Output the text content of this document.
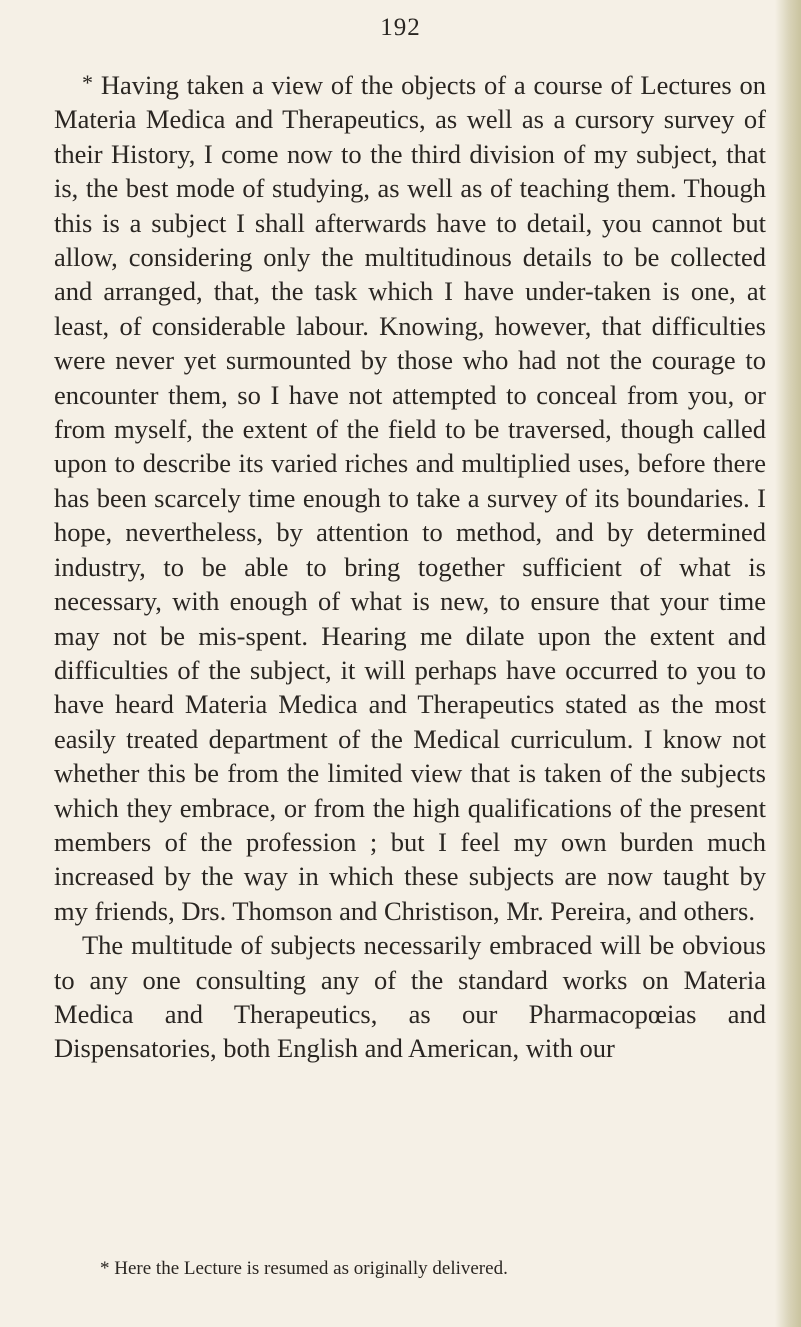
192

* Having taken a view of the objects of a course of Lectures on Materia Medica and Therapeutics, as well as a cursory survey of their History, I come now to the third division of my subject, that is, the best mode of studying, as well as of teaching them. Though this is a subject I shall afterwards have to detail, you cannot but allow, considering only the multitudinous details to be collected and arranged, that, the task which I have under-taken is one, at least, of considerable labour. Knowing, however, that difficulties were never yet surmounted by those who had not the courage to encounter them, so I have not attempted to conceal from you, or from myself, the extent of the field to be traversed, though called upon to describe its varied riches and multiplied uses, before there has been scarcely time enough to take a survey of its boundaries. I hope, nevertheless, by attention to method, and by determined industry, to be able to bring together sufficient of what is necessary, with enough of what is new, to ensure that your time may not be mis-spent. Hearing me dilate upon the extent and difficulties of the subject, it will perhaps have occurred to you to have heard Materia Medica and Therapeutics stated as the most easily treated department of the Medical curriculum. I know not whether this be from the limited view that is taken of the subjects which they embrace, or from the high qualifications of the present members of the profession ; but I feel my own burden much increased by the way in which these subjects are now taught by my friends, Drs. Thomson and Christison, Mr. Pereira, and others.

The multitude of subjects necessarily embraced will be obvious to any one consulting any of the standard works on Materia Medica and Therapeutics, as our Pharmacopœias and Dispensatories, both English and American, with our

* Here the Lecture is resumed as originally delivered.
